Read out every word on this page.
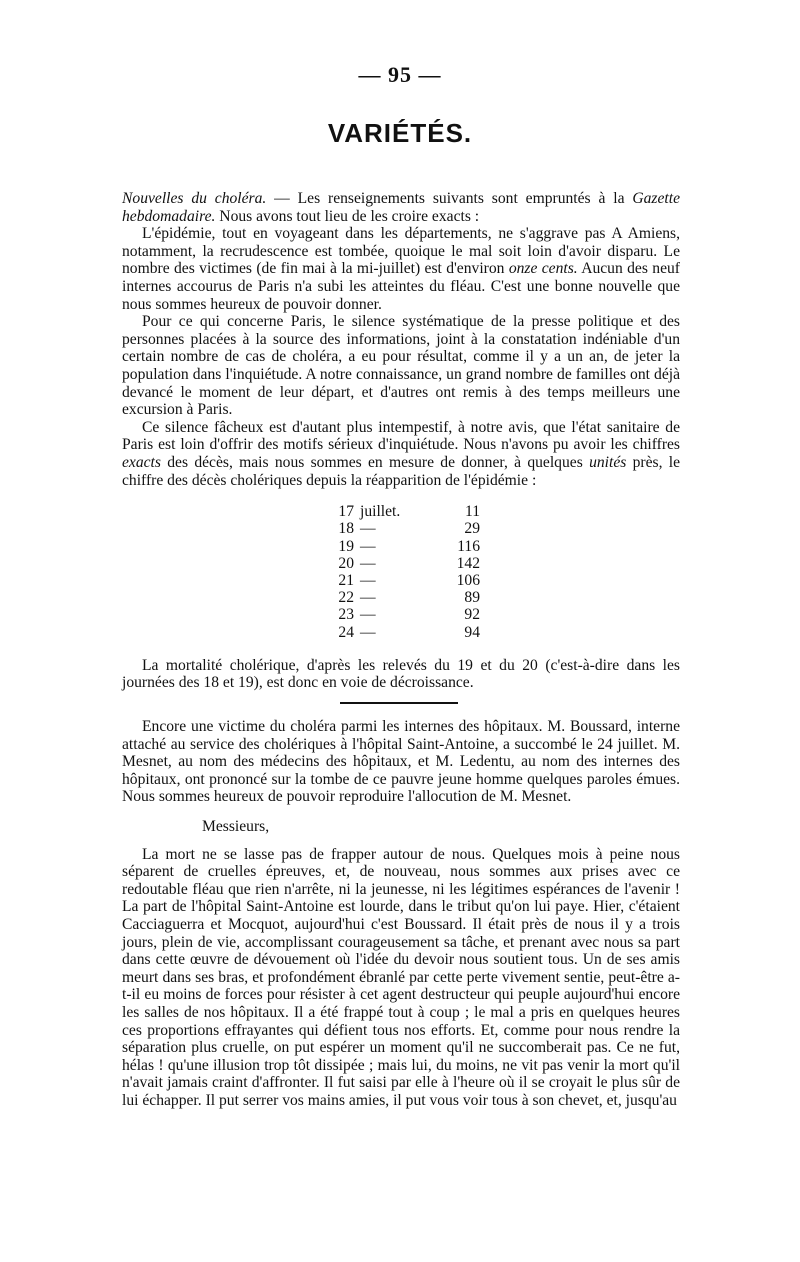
— 95 —
VARIÉTÉS.

Nouvelles du choléra. — Les renseignements suivants sont empruntés à la Gazette hebdomadaire. Nous avons tout lieu de les croire exacts :

L'épidémie, tout en voyageant dans les départements, ne s'aggrave pas A Amiens, notamment, la recrudescence est tombée, quoique le mal soit loin d'avoir disparu. Le nombre des victimes (de fin mai à la mi-juillet) est d'environ onze cents. Aucun des neuf internes accourus de Paris n'a subi les atteintes du fléau. C'est une bonne nouvelle que nous sommes heureux de pouvoir donner.

Pour ce qui concerne Paris, le silence systématique de la presse politique et des personnes placées à la source des informations, joint à la constatation indéniable d'un certain nombre de cas de choléra, a eu pour résultat, comme il y a un an, de jeter la population dans l'inquiétude. A notre connaissance, un grand nombre de familles ont déjà devancé le moment de leur départ, et d'autres ont remis à des temps meilleurs une excursion à Paris.

Ce silence fâcheux est d'autant plus intempestif, à notre avis, que l'état sanitaire de Paris est loin d'offrir des motifs sérieux d'inquiétude. Nous n'avons pu avoir les chiffres exacts des décès, mais nous sommes en mesure de donner, à quelques unités près, le chiffre des décès cholériques depuis la réapparition de l'épidémie :

17 juillet.	11
18 —	29
19 —	116
20 —	142
21 —	106
22 —	89
23 —	92
24 —	94

La mortalité cholérique, d'après les relevés du 19 et du 20 (c'est-à-dire dans les journées des 18 et 19), est donc en voie de décroissance.

Encore une victime du choléra parmi les internes des hôpitaux. M. Boussard, interne attaché au service des cholériques à l'hôpital Saint-Antoine, a succombé le 24 juillet. M. Mesnet, au nom des médecins des hôpitaux, et M. Ledentu, au nom des internes des hôpitaux, ont prononcé sur la tombe de ce pauvre jeune homme quelques paroles émues. Nous sommes heureux de pouvoir reproduire l'allocution de M. Mesnet.

Messieurs,

La mort ne se lasse pas de frapper autour de nous. Quelques mois à peine nous séparent de cruelles épreuves, et, de nouveau, nous sommes aux prises avec ce redoutable fléau que rien n'arrête, ni la jeunesse, ni les légitimes espérances de l'avenir ! La part de l'hôpital Saint-Antoine est lourde, dans le tribut qu'on lui paye. Hier, c'étaient Cacciaguerra et Mocquot, aujourd'hui c'est Boussard. Il était près de nous il y a trois jours, plein de vie, accomplissant courageusement sa tâche, et prenant avec nous sa part dans cette œuvre de dévouement où l'idée du devoir nous soutient tous. Un de ses amis meurt dans ses bras, et profondément ébranlé par cette perte vivement sentie, peut-être a-t-il eu moins de forces pour résister à cet agent destructeur qui peuple aujourd'hui encore les salles de nos hôpitaux. Il a été frappé tout à coup ; le mal a pris en quelques heures ces proportions effrayantes qui défient tous nos efforts. Et, comme pour nous rendre la séparation plus cruelle, on put espérer un moment qu'il ne succomberait pas. Ce ne fut, hélas ! qu'une illusion trop tôt dissipée ; mais lui, du moins, ne vit pas venir la mort qu'il n'avait jamais craint d'affronter. Il fut saisi par elle à l'heure où il se croyait le plus sûr de lui échapper. Il put serrer vos mains amies, il put vous voir tous à son chevet, et, jusqu'au
